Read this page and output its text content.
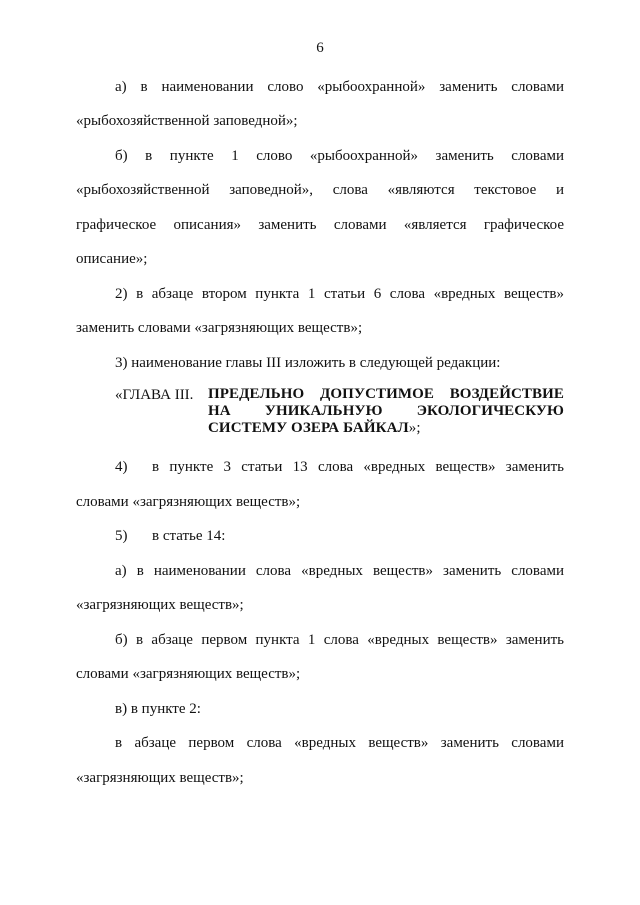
6
а) в наименовании слово «рыбоохранной» заменить словами
«рыбохозяйственной заповедной»;
б) в пункте 1 слово «рыбоохранной» заменить словами
«рыбохозяйственной заповедной», слова «являются текстовое и
графическое описания» заменить словами «является графическое
описание»;
2) в абзаце втором пункта 1 статьи 6 слова «вредных веществ»
заменить словами «загрязняющих веществ»;
3) наименование главы III изложить в следующей редакции:
«ГЛАВА III. ПРЕДЕЛЬНО ДОПУСТИМОЕ ВОЗДЕЙСТВИЕ НА УНИКАЛЬНУЮ ЭКОЛОГИЧЕСКУЮ СИСТЕМУ ОЗЕРА БАЙКАЛ»;
4)	в пункте 3 статьи 13 слова «вредных веществ» заменить
словами «загрязняющих веществ»;
5) в статье 14:
а) в наименовании слова «вредных веществ» заменить словами
«загрязняющих веществ»;
б) в абзаце первом пункта 1 слова «вредных веществ» заменить
словами «загрязняющих веществ»;
в) в пункте 2:
в абзаце первом слова «вредных веществ» заменить словами
«загрязняющих веществ»;
